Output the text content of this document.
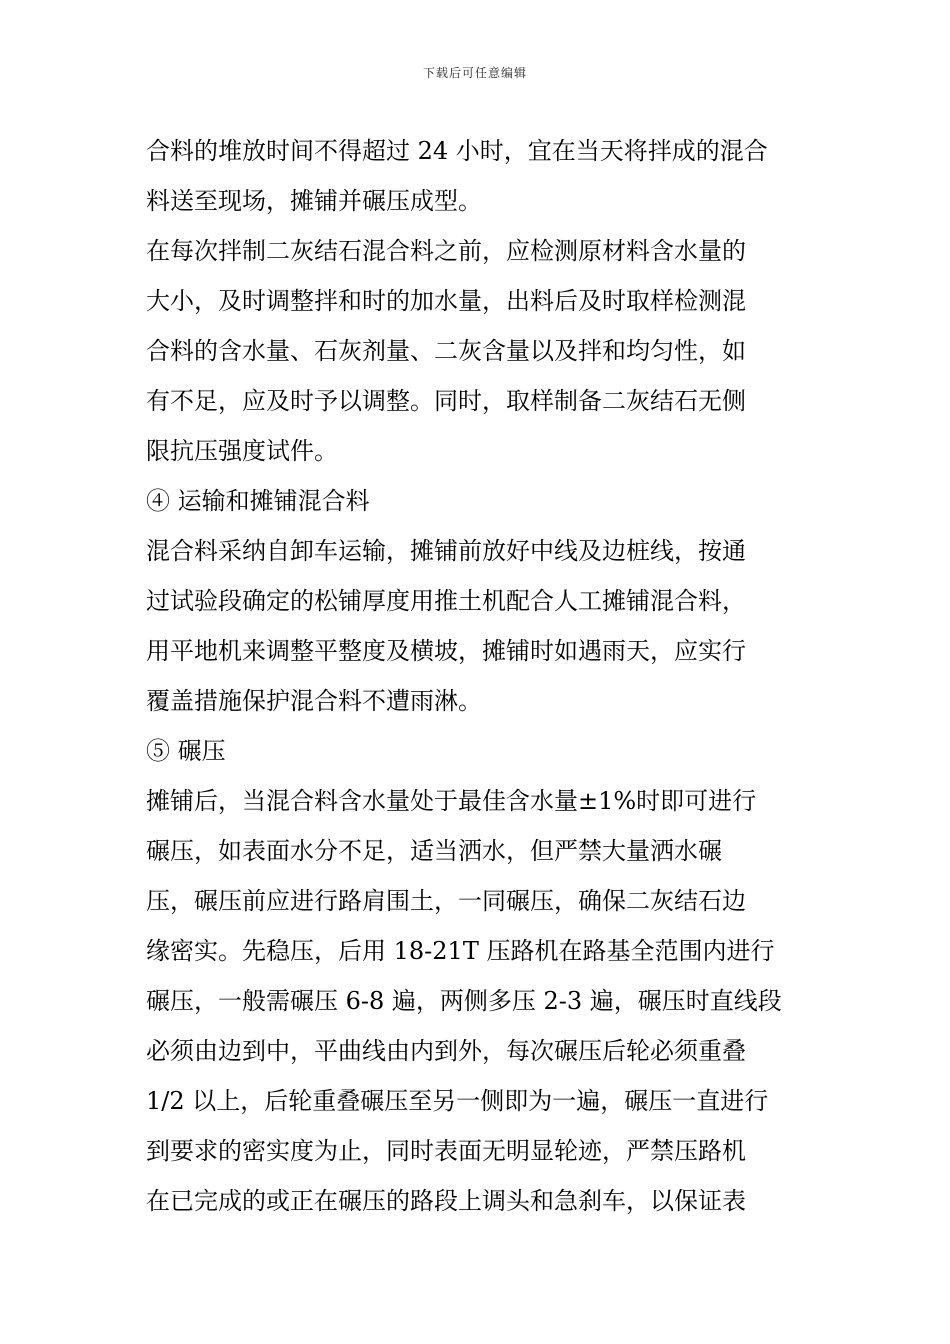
下载后可任意编辑
合料的堆放时间不得超过 24 小时，宜在当天将拌成的混合
料送至现场，摊铺并碾压成型。
在每次拌制二灰结石混合料之前，应检测原材料含水量的
大小，及时调整拌和时的加水量，出料后及时取样检测混
合料的含水量、石灰剂量、二灰含量以及拌和均匀性，如
有不足，应及时予以调整。同时，取样制备二灰结石无侧
限抗压强度试件。
④ 运输和摊铺混合料
混合料采纳自卸车运输，摊铺前放好中线及边桩线，按通
过试验段确定的松铺厚度用推土机配合人工摊铺混合料，
用平地机来调整平整度及横坡，摊铺时如遇雨天，应实行
覆盖措施保护混合料不遭雨淋。
⑤ 碾压
摊铺后，当混合料含水量处于最佳含水量±1%时即可进行
碾压，如表面水分不足，适当洒水，但严禁大量洒水碾
压，碾压前应进行路肩围土，一同碾压，确保二灰结石边
缘密实。先稳压，后用 18-21T 压路机在路基全范围内进行
碾压，一般需碾压 6-8 遍，两侧多压 2-3 遍，碾压时直线段
必须由边到中，平曲线由内到外，每次碾压后轮必须重叠
1/2 以上，后轮重叠碾压至另一侧即为一遍，碾压一直进行
到要求的密实度为止，同时表面无明显轮迹，严禁压路机
在已完成的或正在碾压的路段上调头和急刹车，以保证表
